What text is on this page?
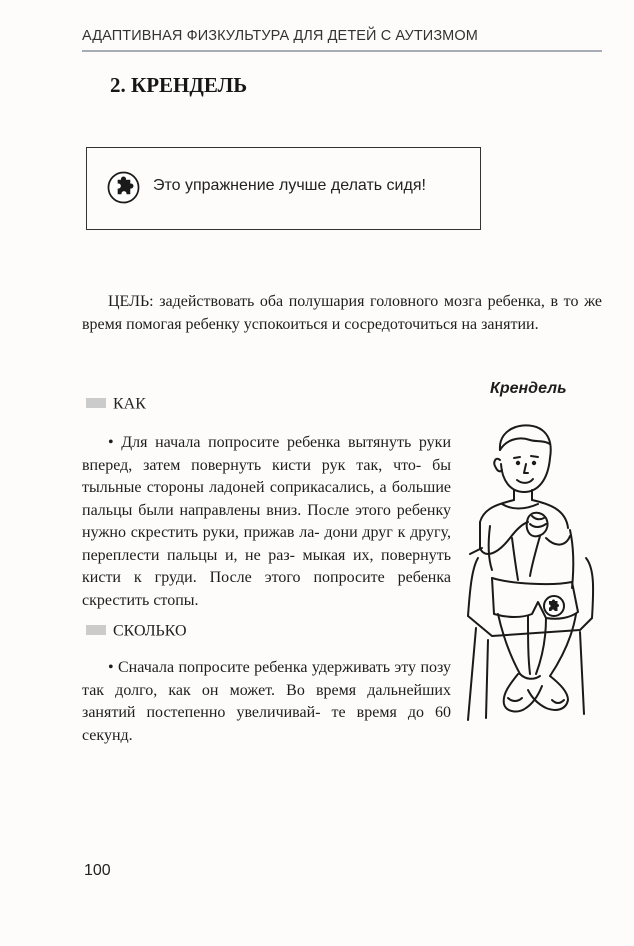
АДАПТИВНАЯ ФИЗКУЛЬТУРА ДЛЯ ДЕТЕЙ С АУТИЗМОМ
2. КРЕНДЕЛЬ
Это упражнение лучше делать сидя!
ЦЕЛЬ: задействовать оба полушария головного мозга ребенка, в то же время помогая ребенку успокоиться и сосредоточиться на занятии.
КАК
• Для начала попросите ребенка вытянуть руки вперед, затем повернуть кисти рук так, что- бы тыльные стороны ладоней соприкасались, а большие пальцы были направлены вниз. После этого ребенку нужно скрестить руки, прижав ла- дони друг к другу, переплести пальцы и, не раз- мыкая их, повернуть кисти к груди. После этого попросите ребенка скрестить стопы.
СКОЛЬКО
• Сначала попросите ребенка удерживать эту позу так долго, как он может. Во время дальнейших занятий постепенно увеличивай- те время до 60 секунд.
Крендель
100
